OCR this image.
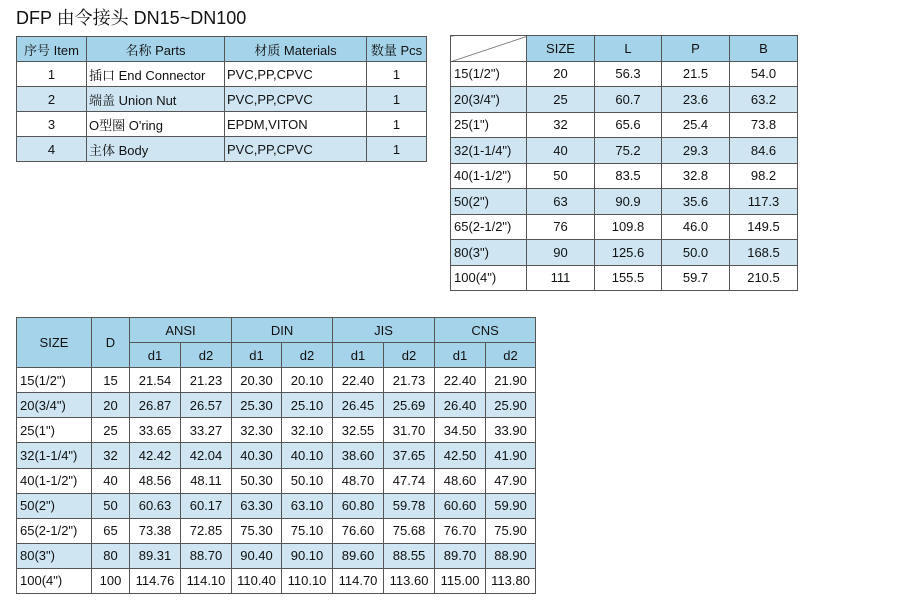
DFP 由令接头 DN15~DN100
序号 Item	名称 Parts	材质 Materials	数量 Pcs
1	插口 End Connector	PVC,PP,CPVC	1
2	端盖 Union Nut	PVC,PP,CPVC	1
3	O型圈 O'ring	EPDM,VITON	1
4	主体 Body	PVC,PP,CPVC	1
	SIZE	L	P	B
15(1/2")	20	56.3	21.5	54.0
20(3/4")	25	60.7	23.6	63.2
25(1")	32	65.6	25.4	73.8
32(1-1/4")	40	75.2	29.3	84.6
40(1-1/2")	50	83.5	32.8	98.2
50(2")	63	90.9	35.6	117.3
65(2-1/2")	76	109.8	46.0	149.5
80(3")	90	125.6	50.0	168.5
100(4")	111	155.5	59.7	210.5
SIZE	D	ANSI		DIN		JIS		CNS	
		d1	d2	d1	d2	d1	d2	d1	d2
15(1/2")	15	21.54	21.23	20.30	20.10	22.40	21.73	22.40	21.90
20(3/4")	20	26.87	26.57	25.30	25.10	26.45	25.69	26.40	25.90
25(1")	25	33.65	33.27	32.30	32.10	32.55	31.70	34.50	33.90
32(1-1/4")	32	42.42	42.04	40.30	40.10	38.60	37.65	42.50	41.90
40(1-1/2")	40	48.56	48.11	50.30	50.10	48.70	47.74	48.60	47.90
50(2")	50	60.63	60.17	63.30	63.10	60.80	59.78	60.60	59.90
65(2-1/2")	65	73.38	72.85	75.30	75.10	76.60	75.68	76.70	75.90
80(3")	80	89.31	88.70	90.40	90.10	89.60	88.55	89.70	88.90
100(4")	100	114.76	114.10	110.40	110.10	114.70	113.60	115.00	113.80
